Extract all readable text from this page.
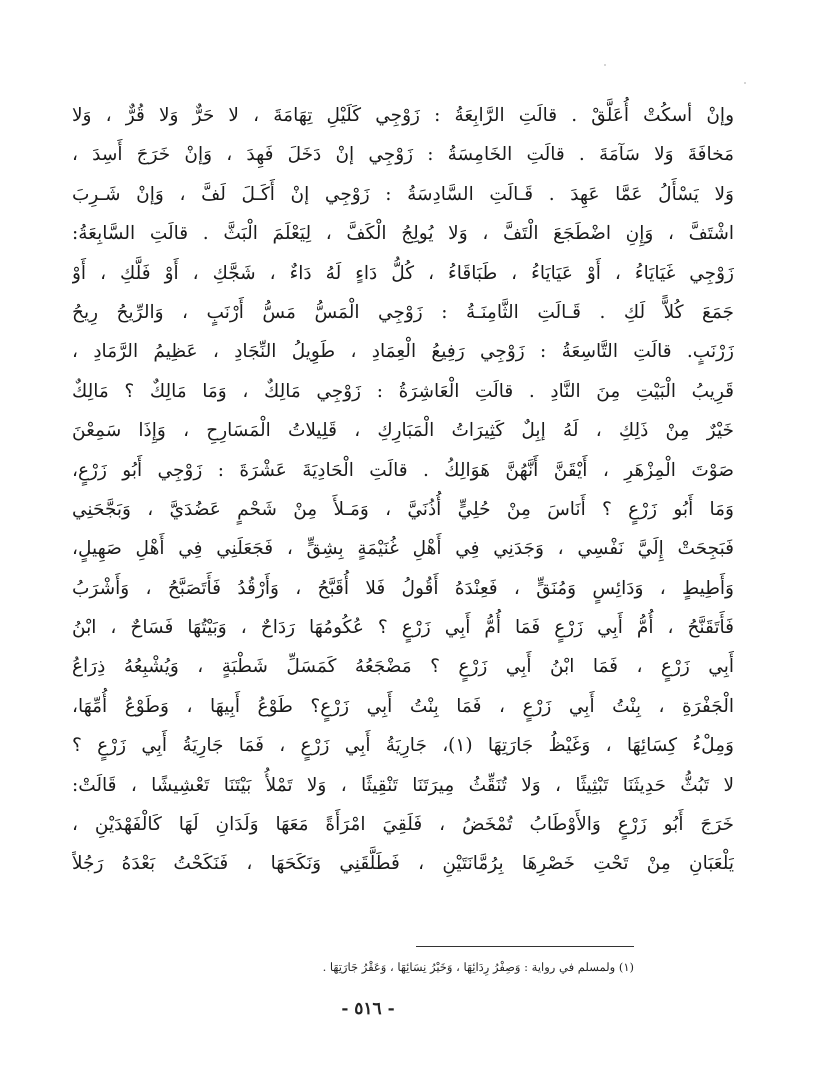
وإنْ أسكُتْ أُعَلَّقْ . قالَتِ الرَّابِعَةُ : زَوْجِي كَلَيْلِ تِهَامَةَ ، لا حَرٌّ وَلا قُرٌّ ، وَلا
مَخافَةَ وَلا سَآمَةَ . قالَتِ الخَامِسَةُ : زَوْجِي إنْ دَخَلَ فَهِدَ ، وَإنْ خَرَجَ أَسِدَ ،
وَلا يَسْأَلُ عَمَّا عَهِدَ . قَـالَتِ السَّادِسَةُ : زَوْجِي إنْ أَكَـلَ لَفَّ ، وَإنْ شَـرِبَ
اشْتَفَّ ، وَإِنِ اضْطَجَعَ الْتَفَّ ، وَلا يُولِجُ الْكَفَّ ، لِيَعْلَمَ الْبَثَّ . قالَتِ السَّابِعَةُ:
زَوْجِي غَيَايَاءُ ، أَوْ عَيَايَاءُ ، طَبَاقَاءُ ، كُلُّ دَاءٍ لَهُ دَاءٌ ، شَجَّكِ ، أَوْ فَلَّكِ ، أَوْ
جَمَعَ كُلاًّ لَكِ . قَـالَتِ الثَّامِنَـةُ : زَوْجِي الْمَسُّ مَسُّ أَرْنَبٍ ، وَالرِّيحُ رِيحُ
زَرْنَبٍ. قالَتِ التَّاسِعَةُ : زَوْجِي رَفِيعُ الْعِمَادِ ، طَوِيلُ النِّجَادِ ، عَظِيمُ الرَّمَادِ ،
قَرِيبُ الْبَيْتِ مِنَ النَّادِ . قالَتِ الْعَاشِرَةُ : زَوْجِي مَالِكٌ ، وَمَا مَالِكٌ ؟ مَالِكٌ
خَيْرٌ مِنْ ذَلِكِ ، لَهُ إبِلٌ كَثِيرَاتُ الْمَبَارِكِ ، قَلِيلاتُ الْمَسَارِحِ ، وَإِذَا سَمِعْنَ
صَوْتَ الْمِزْهَرِ ، أَيْقَنَّ أَنَّهُنَّ هَوَالِكُ . قالَتِ الْحَادِيَةَ عَشْرَةَ : زَوْجِي أَبُو زَرْعٍ،
وَمَا أَبُو زَرْعٍ ؟ أَنَاسَ مِنْ حُلِيٍّ أُذُنَيَّ ، وَمَـلأَ مِنْ شَحْمٍ عَضُدَيَّ ، وَبَجَّحَنِي
فَبَجِحَتْ إِلَيَّ نَفْسِي ، وَجَدَنِي فِي أَهْلِ غُنَيْمَةٍ بِشِقٍّ ، فَجَعَلَنِي فِي أَهْلِ صَهِيلٍ،
وَأَطِيطٍ ، وَدَائِسٍ وَمُنَقٍّ ، فَعِنْدَهُ أَقُولُ فَلا أُقَبَّحُ ، وَأَرْقُدُ فَأَتَصَبَّحُ ، وَأَشْرَبُ
فَأَتَقَنَّحُ ، أُمُّ أَبِي زَرْعٍ فَمَا أُمُّ أَبِي زَرْعٍ ؟ عُكُومُهَا رَدَاحٌ ، وَبَيْتُهَا فَسَاحٌ ، ابْنُ
أَبِي زَرْعٍ ، فَمَا ابْنُ أَبِي زَرْعٍ ؟ مَضْجَعُهُ كَمَسَلِّ شَطْبَةٍ ، وَيُشْبِعُهُ ذِرَاعُ
الْجَفْرَةِ ، بِنْتُ أَبِي زَرْعٍ ، فَمَا بِنْتُ أَبِي زَرْعٍ؟ طَوْعُ أَبِيهَا ، وَطَوْعُ أُمِّهَا،
وَمِلْءُ كِسَائِهَا ، وَغَيْظُ جَارَتِهَا (١)، جَارِيَةُ أَبِي زَرْعٍ ، فَمَا جَارِيَةُ أَبِي زَرْعٍ ؟
لا تَبُثُّ حَدِيثَنَا تَبْثِيثًا ، وَلا تُنَقِّثُ مِيرَتَنَا تَنْقِيثًا ، وَلا تَمْلأُ بَيْتَنَا تَعْشِيشًا ، قَالَتْ:
خَرَجَ أَبُو زَرْعٍ وَالأَوْطَابُ تُمْخَضُ ، فَلَقِيَ امْرَأَةً مَعَهَا وَلَدَانِ لَهَا كَالْفَهْدَيْنِ ،
يَلْعَبَانِ مِنْ تَحْتِ خَصْرِهَا بِرُمَّانَتَيْنِ ، فَطَلَّقَنِي وَنَكَحَهَا ، فَنَكَحْتُ بَعْدَهُ رَجُلاً
(١) ولمسلم في رواية : وَصِفْرُ رِدَائِهَا ، وَخَيْرُ نِسَائِهَا ، وَعَقْرُ جَارَتِهَا .
- ٥١٦ -
